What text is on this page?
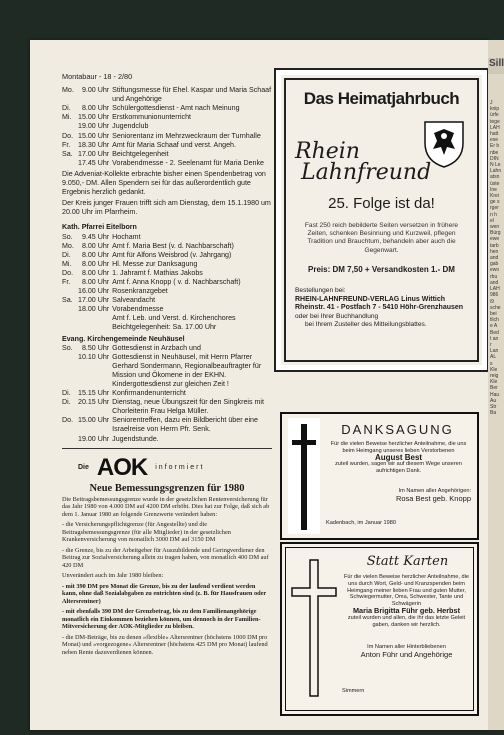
Montabaur - 18 - 2/80
Mo.	9.00 Uhr	Stiftungsmesse für Ehel. Kaspar und Maria Schaaf und Angehörige
Di.	8.00 Uhr	Schülergottesdienst - Amt nach Meinung
Mi.	15.00 Uhr	Erstkommunionunterricht
	19.00 Uhr	Jugendclub
Do.	15.00 Uhr	Seniorentanz im Mehrzweckraum der Turnhalle
Fr.	18.30 Uhr	Amt für Maria Schaaf und verst. Angeh.
Sa.	17.00 Uhr	Beichtgelegenheit
	17.45 Uhr	Vorabendmesse - 2. Seelenamt für Maria Denke
Die Adveniat-Kollekte erbrachte bisher einen Spendenbetrag von 9.050,- DM. Allen Spendern sei für das außerordentlich gute Ergebnis herzlich gedankt.
Der Kreis junger Frauen trifft sich am Dienstag, dem 15.1.1980 um 20.00 Uhr im Pfarrheim.
Kath. Pfarrei Eitelborn
So.	9.45 Uhr	Hochamt
Mo.	8.00 Uhr	Amt f. Maria Best (v. d. Nachbarschaft)
Di.	8.00 Uhr	Amt für Alfons Weisbrod (v. Jahrgang)
Mi.	8.00 Uhr	Hl. Messe zur Danksagung
Do.	8.00 Uhr	1. Jahramt f. Mathias Jakobs
Fr.	8.00 Uhr	Amt f. Anna Knopp ( v. d. Nachbarschaft)
	16.00 Uhr	Rosenkranzgebet
Sa.	17.00 Uhr	Salveandacht
	18.00 Uhr	Vorabendmesse
		Amt f. Leb. und Verst. d. Kirchenchores
		Beichtgelegenheit: Sa. 17.00 Uhr
Evang. Kirchengemeinde Neuhäusel
So.	8.50 Uhr	Gottesdienst in Arzbach und
	10.10 Uhr	Gottesdienst in Neuhäusel, mit Herrn Pfarrer Gerhard Sondermann, Regionalbeauftragter für Mission und Ökomene in der EKHN. Kindergottesdienst zur gleichen Zeit !
Di.	15.15 Uhr	Konfirmandenunterricht
Di.	20.15 Uhr	Dienstag, neue Übungszeit für den Singkreis mit Chorleiterin Frau Helga Müller.
Do.	15.00 Uhr	Seniorentreffen, dazu ein Bildbericht über eine Israelreise von Herrn Pfr. Senk.
	19.00 Uhr	Jugendstunde.
Die AOK informiert
Neue Bemessungsgrenzen für 1980

Die Beitragsbemessungsgrenze wurde in der gesetzlichen Rentenversicherung für das Jahr 1980 von 4.000 DM auf 4200 DM erhöht. Dies hat zur Folge, daß sich ab dem 1. Januar 1980 an folgende Grenzwerte verändert haben:

- die Versicherungspflichtgrenze (für Angestellte) und die Beitragsbemessungsgrenze (für alle Mitglieder) in der gesetzlichen Krankenversicherung von monatlich 3000 DM auf 3150 DM

- die Grenze, bis zu der Arbeitgeber für Auszubildende und Geringverdiener den Beitrag zur Sozialversicherung allein zu tragen haben, von monatlich 400 DM auf 420 DM

Unverändert auch im Jahr 1980 bleiben:

- mit 390 DM pro Monat die Grenze, bis zu der laufend verdient werden kann, ohne daß Sozialabgaben zu entrichten sind (z. B. für Hausfrauen oder Altersrentner)

- mit ebenfalls 390 DM der Grenzbetrag, bis zu dem Familienangehörige monatlich ein Einkommen beziehen können, um dennoch in der Familien-Mitversicherung der AOK-Mitglieder zu bleiben.

- die DM-Beträge, bis zu denen »flexible« Altersrentner (höchstens 1000 DM pro Monat) und »vorgezogene« Altersrentner (höchstens 425 DM pro Monat) laufend neben Rente dazuverdienen können.

Das Heimatjahrbuch
Rhein
Lahnfreund
25. Folge ist da!
Fast 250 reich bebilderte Seiten versetzen in frühere Zeiten, schenken Besinnung und Kurzweil, pflegen Tradition und Brauchtum, behandeln aber auch die Gegenwart.
Preis: DM 7,50 + Versandkosten 1.- DM
Bestellungen bei:
RHEIN-LAHNFREUND-VERLAG Linus Wittich
Rheinstr. 41 - Postfach 7 - 5410 Höhr-Grenzhausen
oder bei Ihrer Buchhandlung
bei Ihrem Zusteller des Mitteilungsblattes.
DANKSAGUNG
Für die vielen Beweise herzlicher Anteilnahme, die uns beim Heimgang unseres lieben Verstorbenen
August Best
zuteil wurden, sagen wir auf diesem Wege unseren aufrichtigen Dank.
Im Namen aller Angehörigen:
Rosa Best geb. Knopp
Kadenbach, im Januar 1980
Statt Karten
Für die vielen Beweise herzlicher Anteilnahme, die uns durch Wort, Geld- und Kranzspenden beim Heimgang meiner lieben Frau und guten Mutter, Schwiegermutter, Oma, Schwester, Tante und Schwägerin
Maria Brigitta Führ geb. Herbst
zuteil wurden und allen, die ihr das letzte Geleit gaben, danken wir herzlich.
Im Namen aller Hinterbliebenen
Anton Führ und Angehörige
Simmern
Sill
J
knip
ürfe
tege
LAH
hatt
ese
Er b
nbe
DIN
N Le
Lahn
atsn
üste
Ine
Krei
ge s
rger
n h
el
wen
Bürg
ewe
tarb
hen
and
gab
ewo
rbu
and
LAH
986
i9
sche
bei
tlich
e A
Bed
t an
r
Lan
AL
s
Kle
reig
Kle
Ber
Hau
Au
Str
Ba
